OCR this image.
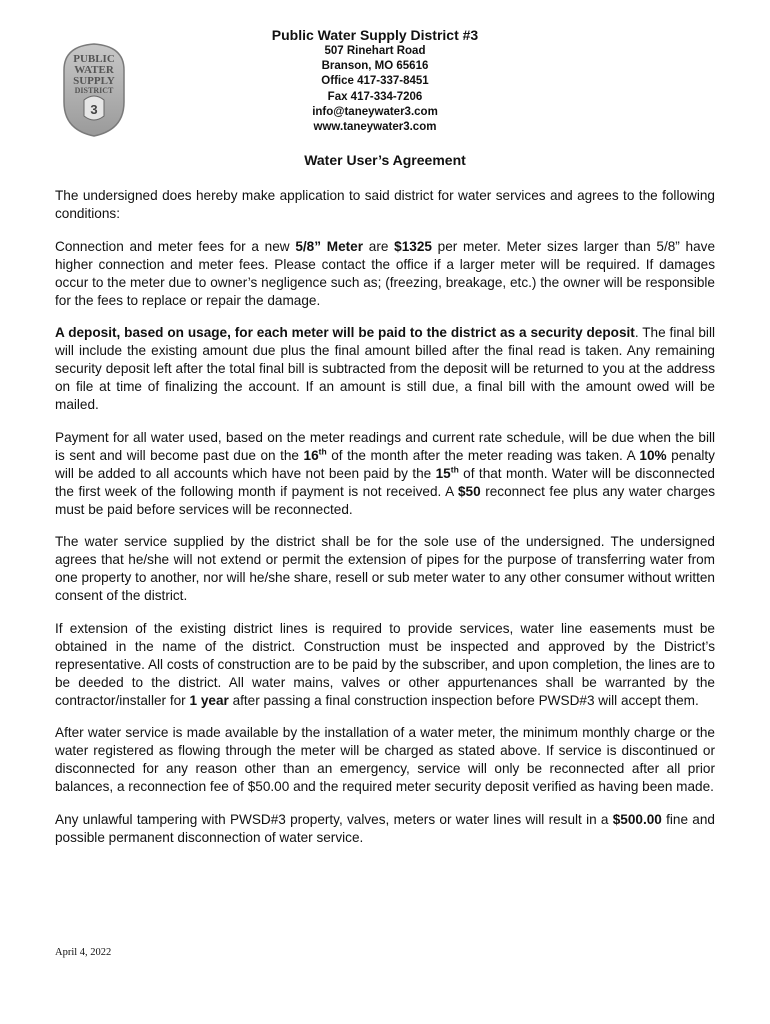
PUBLIC
WATER
SUPPLY
DISTRICT
3
Public Water Supply District #3
507 Rinehart Road
Branson, MO 65616
Office 417-337-8451
Fax 417-334-7206
info@taneywater3.com
www.taneywater3.com
Water User’s Agreement

The undersigned does hereby make application to said district for water services and agrees to the following conditions:

Connection and meter fees for a new 5/8” Meter are $1325 per meter. Meter sizes larger than 5/8” have higher connection and meter fees. Please contact the office if a larger meter will be required. If damages occur to the meter due to owner’s negligence such as; (freezing, breakage, etc.) the owner will be responsible for the fees to replace or repair the damage.

A deposit, based on usage, for each meter will be paid to the district as a security deposit. The final bill will include the existing amount due plus the final amount billed after the final read is taken. Any remaining security deposit left after the total final bill is subtracted from the deposit will be returned to you at the address on file at time of finalizing the account. If an amount is still due, a final bill with the amount owed will be mailed.

Payment for all water used, based on the meter readings and current rate schedule, will be due when the bill is sent and will become past due on the 16th of the month after the meter reading was taken. A 10% penalty will be added to all accounts which have not been paid by the 15th of that month. Water will be disconnected the first week of the following month if payment is not received. A $50 reconnect fee plus any water charges must be paid before services will be reconnected.

The water service supplied by the district shall be for the sole use of the undersigned. The undersigned agrees that he/she will not extend or permit the extension of pipes for the purpose of transferring water from one property to another, nor will he/she share, resell or sub meter water to any other consumer without written consent of the district.

If extension of the existing district lines is required to provide services, water line easements must be obtained in the name of the district. Construction must be inspected and approved by the District’s representative. All costs of construction are to be paid by the subscriber, and upon completion, the lines are to be deeded to the district. All water mains, valves or other appurtenances shall be warranted by the contractor/installer for 1 year after passing a final construction inspection before PWSD#3 will accept them.

After water service is made available by the installation of a water meter, the minimum monthly charge or the water registered as flowing through the meter will be charged as stated above. If service is discontinued or disconnected for any reason other than an emergency, service will only be reconnected after all prior balances, a reconnection fee of $50.00 and the required meter security deposit verified as having been made.

Any unlawful tampering with PWSD#3 property, valves, meters or water lines will result in a $500.00 fine and possible permanent disconnection of water service.

April 4, 2022
